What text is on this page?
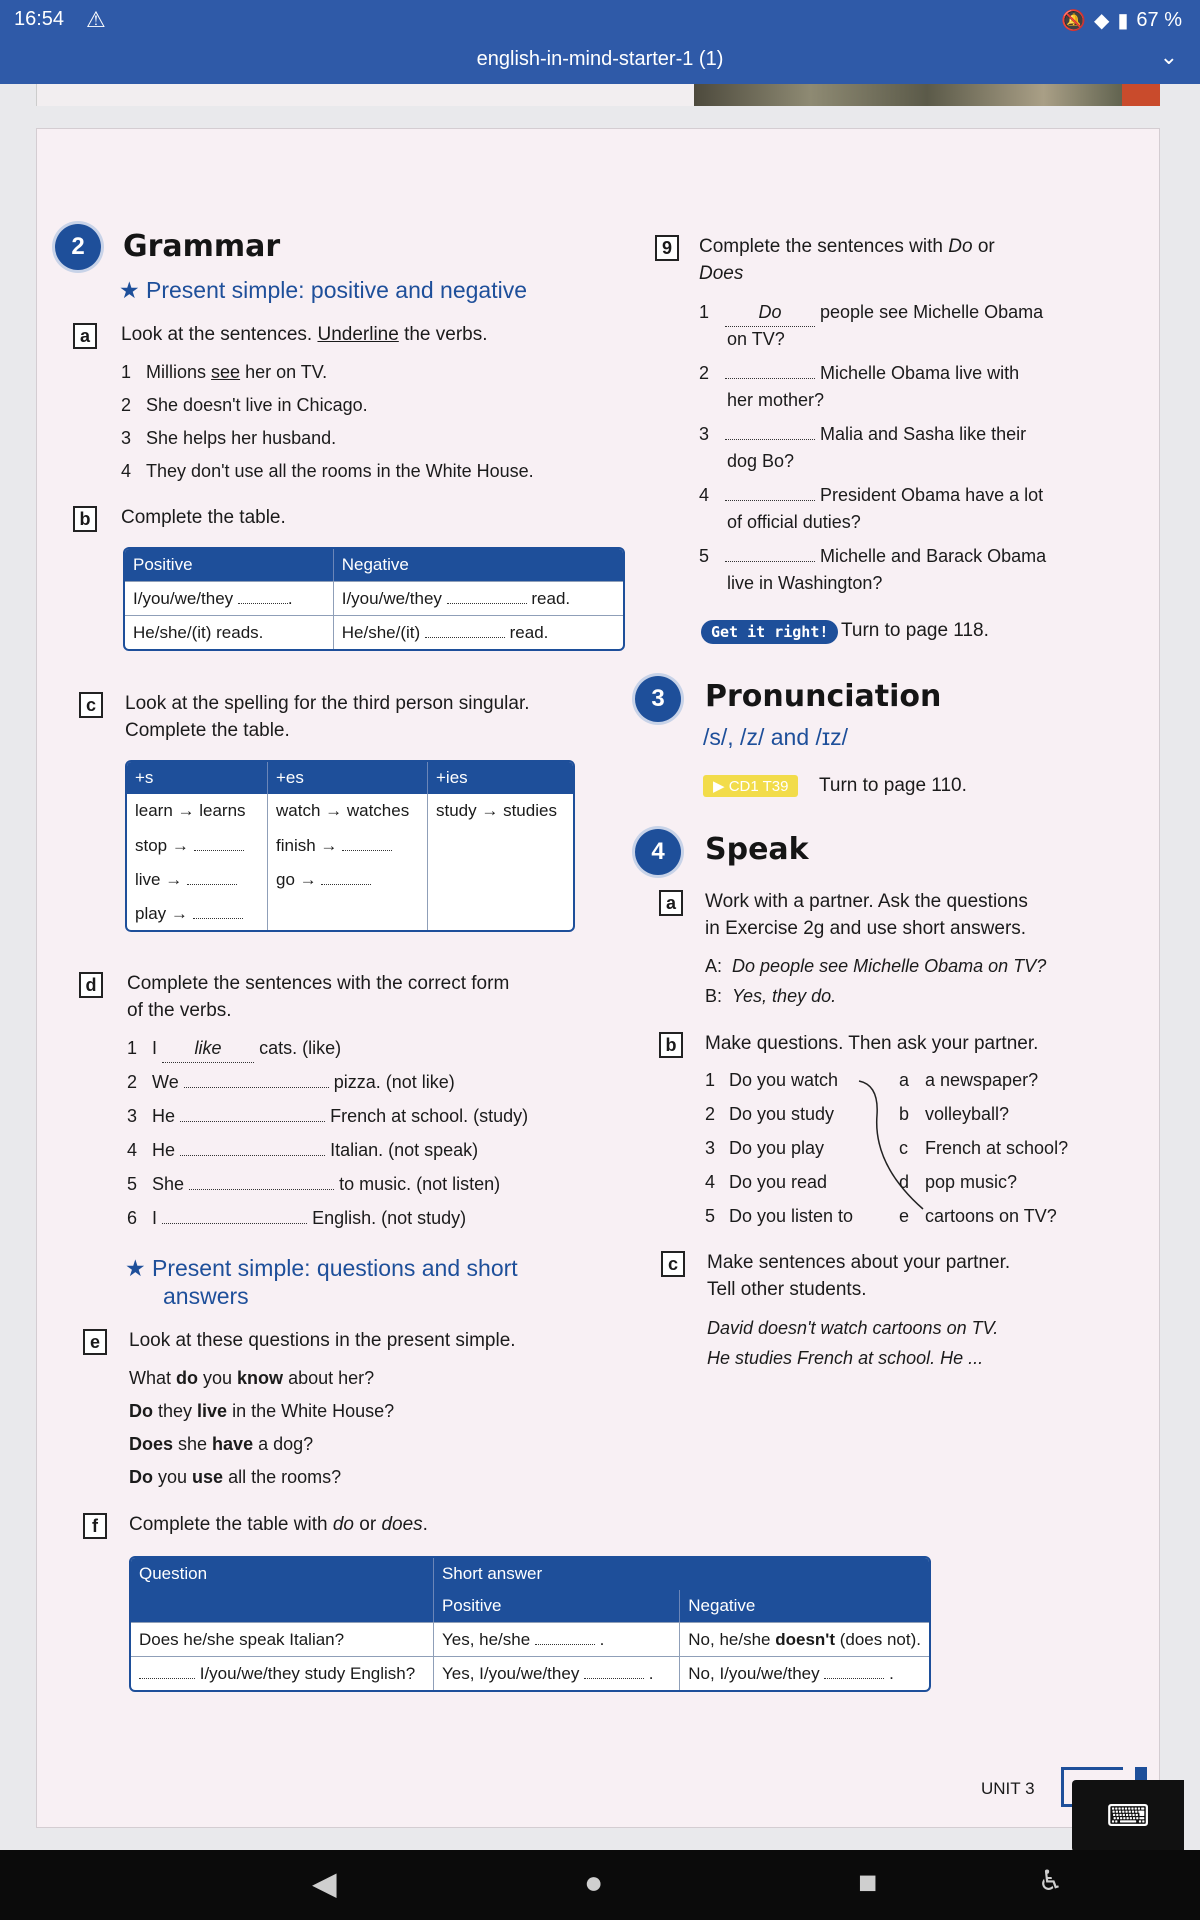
16:54 ⚠	🔕 ◆ ▮ 67 %
english-in-mind-starter-1 (1)	⌄
2	Grammar
★ Present simple: positive and negative
a	Look at the sentences. Underline the verbs.
1 Millions see her on TV.
2 She doesn't live in Chicago.
3 She helps her husband.
4 They don't use all the rooms in the White House.
b	Complete the table.
Positive	Negative
I/you/we/they .	I/you/we/they read.
He/she/(it) reads.	He/she/(it) read.
c	Look at the spelling for the third person singular.
Complete the table.
+s	+es	+ies
learn → learns	watch → watches	study → studies
stop →	finish →	
live →	go →	
play →		
d	Complete the sentences with the correct form
of the verbs.
1 I like cats. (like)
2 We	pizza. (not like)
3 He	French at school. (study)
4 He	Italian. (not speak)
5 She	to music. (not listen)
6 I	English. (not study)
★ Present simple: questions and short
answers
e	Look at these questions in the present simple.
What do you know about her?
Do they live in the White House?
Does she have a dog?
Do you use all the rooms?
f	Complete the table with do or does.
Question	Short answer	
	Positive	Negative
Does he/she speak Italian?	Yes, he/she .	No, he/she doesn't (does not).
I/you/we/they study English?	Yes, I/you/we/they .	No, I/you/we/they .
9	Complete the sentences with Do or
Does
1	Do people see Michelle Obama
on TV?
2	Michelle Obama live with
her mother?
3	Malia and Sasha like their
dog Bo?
4	President Obama have a lot
of official duties?
5	Michelle and Barack Obama
live in Washington?
Get it right! Turn to page 118.
3	Pronunciation
/s/, /z/ and /ɪz/
▶ CD1 T39	Turn to page 110.
4	Speak
a	Work with a partner. Ask the questions
in Exercise 2g and use short answers.
A: Do people see Michelle Obama on TV?
B: Yes, they do.
b	Make questions. Then ask your partner.
1 Do you watch
2 Do you study
3 Do you play
4 Do you read
5 Do you listen to
a a newspaper?
b volleyball?
c French at school?
d pop music?
e cartoons on TV?
c	Make sentences about your partner.
Tell other students.
David doesn't watch cartoons on TV.
He studies French at school. He ...
UNIT 3
⌨
◀	●	■	♿
